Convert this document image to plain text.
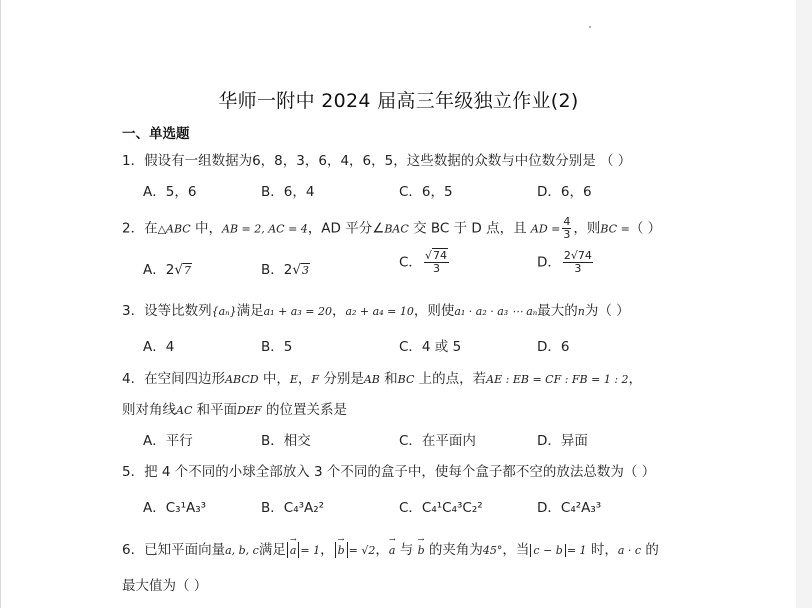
华师一附中 2024 届高三年级独立作业(2)
一、单选题
1．假设有一组数据为6，8，3，6，4，6，5，这些数据的众数与中位数分别是 （ ）
A．5，6	B．6，4	C．6，5	D．6，6
2．在△ABC 中，AB = 2, AC = 4，AD 平分∠BAC 交 BC 于 D 点，且 AD = $\frac{4}{3}$ ，则BC =（ ）
A．2√7	B．2√3	C． $\frac{√74}{3}$	D． $\frac{2√74}{3}$
3．设等比数列{aₙ}满足a₁ + a₃ = 20，a₂ + a₄ = 10，则使a₁ · a₂ · a₃ ⋯ aₙ最大的n为（ ）
A．4	B．5	C．4 或 5	D．6
4．在空间四边形ABCD 中，E，F 分别是AB 和BC 上的点，若AE : EB = CF : FB = 1 : 2，
则对角线AC 和平面DEF 的位置关系是
A．平行	B．相交	C．在平面内	D．异面
5．把 4 个不同的小球全部放入 3 个不同的盒子中，使每个盒子都不空的放法总数为（ ）
A．C₃¹A₃³	B．C₄³A₂²	C．C₄¹C₄³C₂²	D．C₄²A₃³
6．已知平面向量a, b, c满足 → a = 1， → b = √2，→ a 与 → b 的夹角为45°，当 c − b = 1 时，a · c 的
最大值为（ ）
